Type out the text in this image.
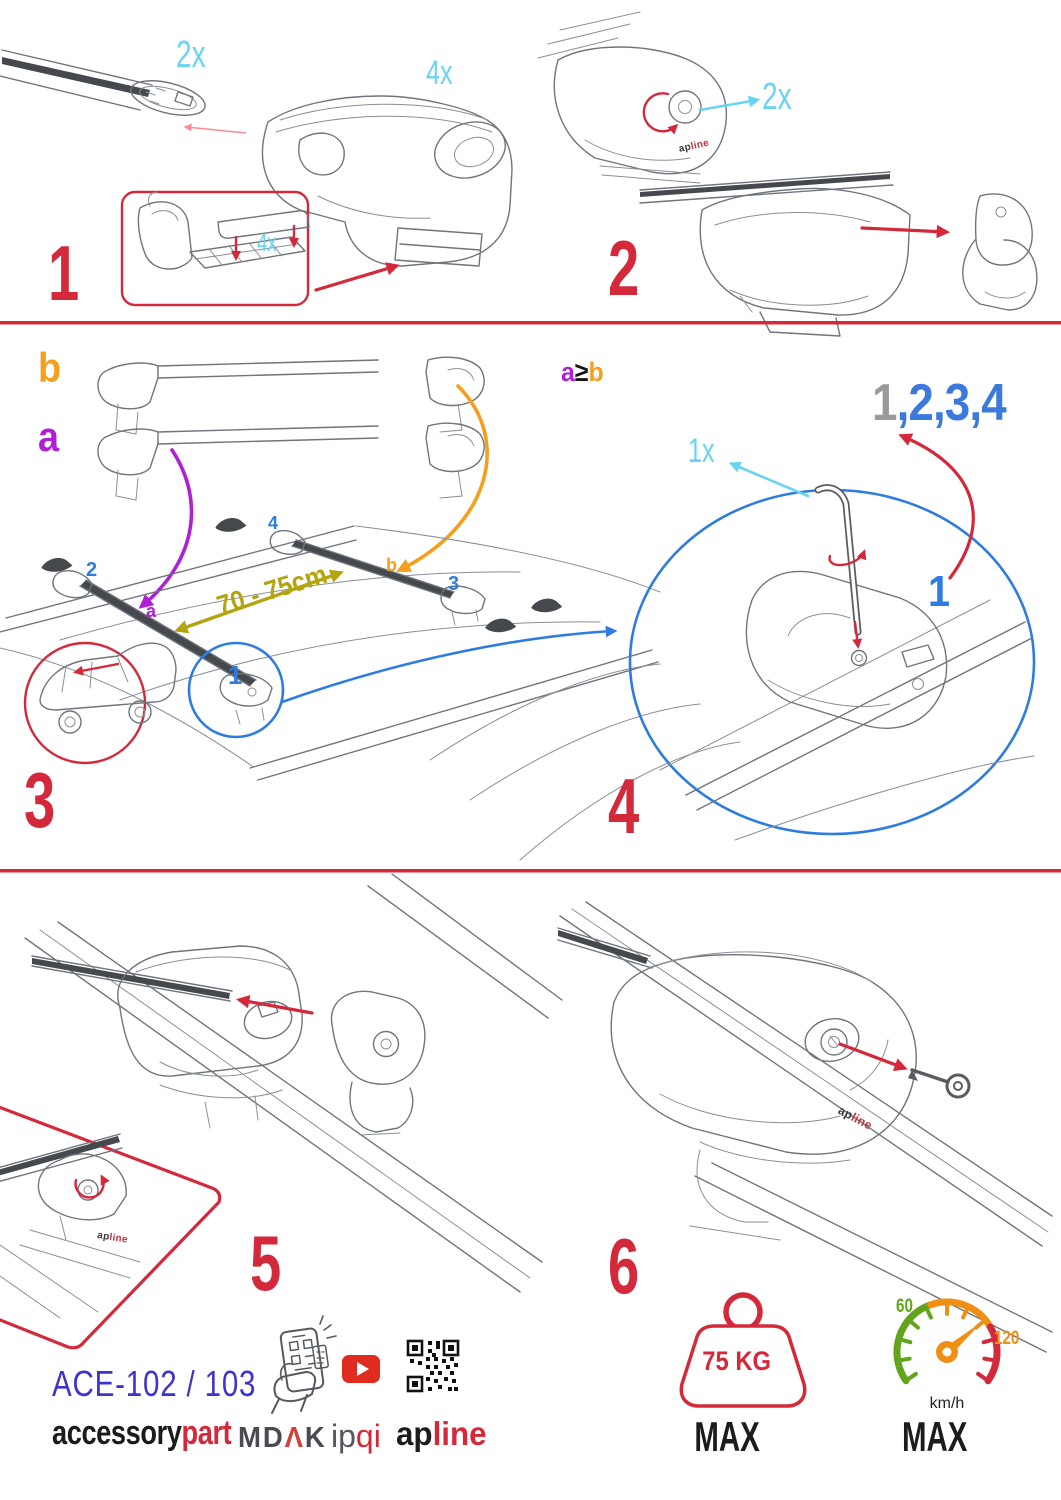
1	2
3	4
5	6
2x	4x
4x
2x
apline
b
a
2
4
3
b
a 70 - 75cm
1
a≥b
1,2,3,4
1x
1
apline
apline
ACE-102 / 103
accessorypart MDΛK ipqi apline
75 KG
MAX
60
120
km/h
MAX
